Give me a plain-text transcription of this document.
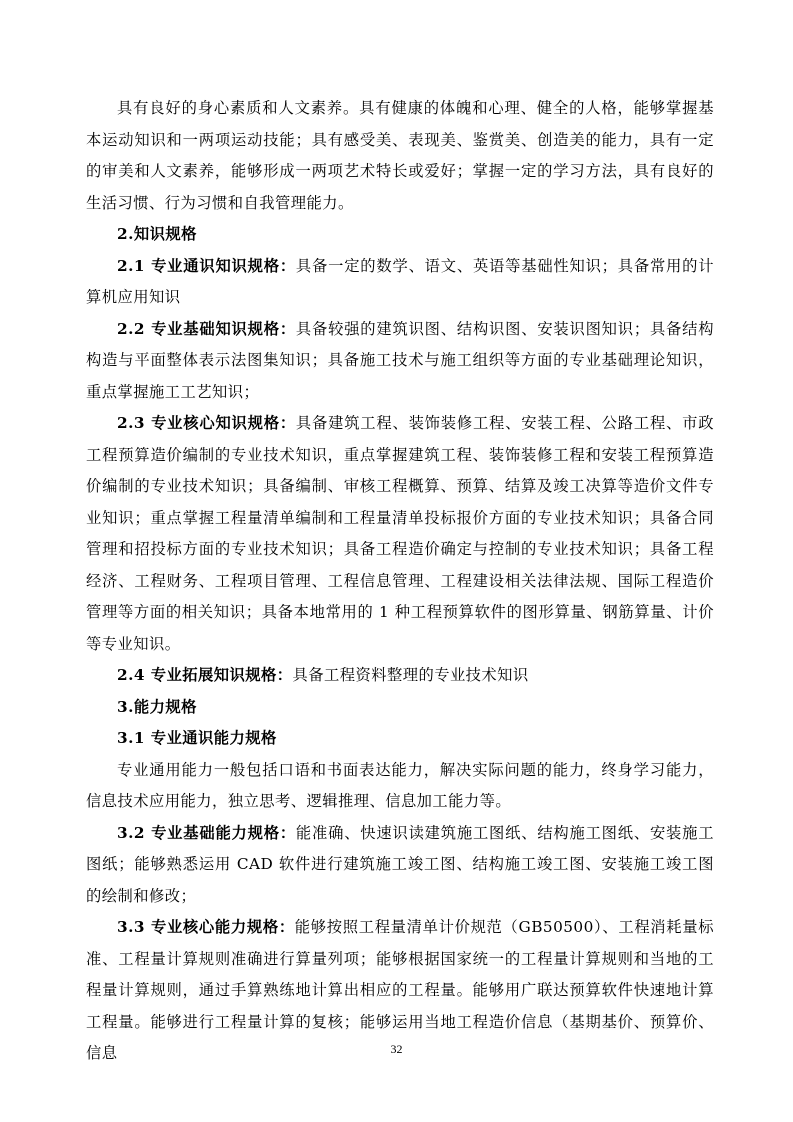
具有良好的身心素质和人文素养。具有健康的体魄和心理、健全的人格，能够掌握基本运动知识和一两项运动技能；具有感受美、表现美、鉴赏美、创造美的能力，具有一定的审美和人文素养，能够形成一两项艺术特长或爱好；掌握一定的学习方法，具有良好的生活习惯、行为习惯和自我管理能力。

2.知识规格

2.1 专业通识知识规格：具备一定的数学、语文、英语等基础性知识；具备常用的计算机应用知识

2.2 专业基础知识规格：具备较强的建筑识图、结构识图、安装识图知识；具备结构构造与平面整体表示法图集知识；具备施工技术与施工组织等方面的专业基础理论知识，重点掌握施工工艺知识；

2.3 专业核心知识规格：具备建筑工程、装饰装修工程、安装工程、公路工程、市政工程预算造价编制的专业技术知识，重点掌握建筑工程、装饰装修工程和安装工程预算造价编制的专业技术知识；具备编制、审核工程概算、预算、结算及竣工决算等造价文件专业知识；重点掌握工程量清单编制和工程量清单投标报价方面的专业技术知识；具备合同管理和招投标方面的专业技术知识；具备工程造价确定与控制的专业技术知识；具备工程经济、工程财务、工程项目管理、工程信息管理、工程建设相关法律法规、国际工程造价管理等方面的相关知识；具备本地常用的 1 种工程预算软件的图形算量、钢筋算量、计价等专业知识。

2.4 专业拓展知识规格：具备工程资料整理的专业技术知识

3.能力规格

3.1 专业通识能力规格

专业通用能力一般包括口语和书面表达能力，解决实际问题的能力，终身学习能力，信息技术应用能力，独立思考、逻辑推理、信息加工能力等。

3.2 专业基础能力规格：能准确、快速识读建筑施工图纸、结构施工图纸、安装施工图纸；能够熟悉运用 CAD 软件进行建筑施工竣工图、结构施工竣工图、安装施工竣工图的绘制和修改；

3.3 专业核心能力规格：能够按照工程量清单计价规范（GB50500）、工程消耗量标准、工程量计算规则准确进行算量列项；能够根据国家统一的工程量计算规则和当地的工程量计算规则，通过手算熟练地计算出相应的工程量。能够用广联达预算软件快速地计算工程量。能够进行工程量计算的复核；能够运用当地工程造价信息（基期基价、预算价、信息	32
